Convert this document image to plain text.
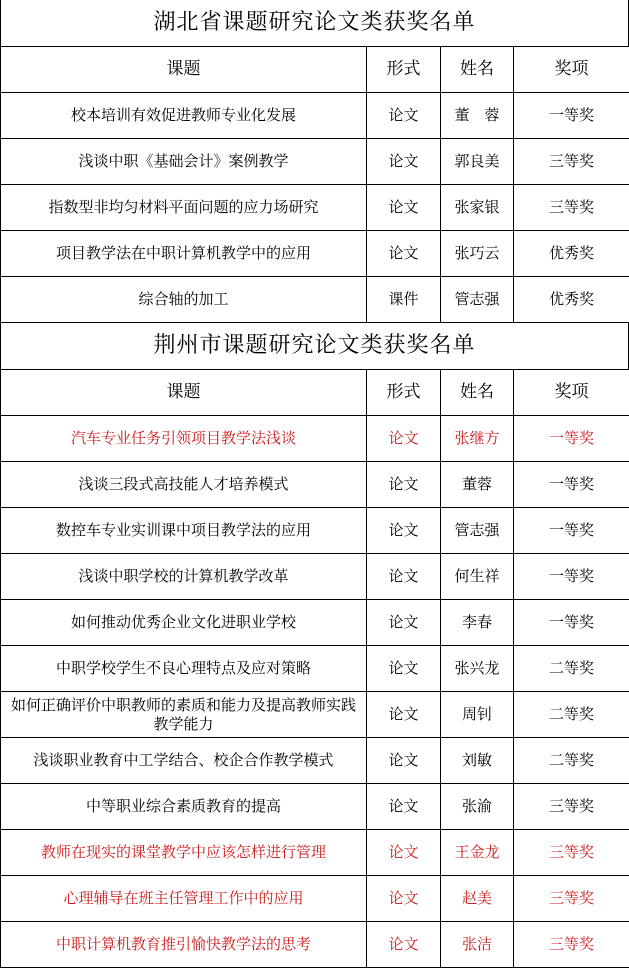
湖北省课题研究论文类获奖名单
课题	形式	姓名	奖项
校本培训有效促进教师专业化发展	论文	董　蓉	一等奖
浅谈中职《基础会计》案例教学	论文	郭良美	三等奖
指数型非均匀材料平面问题的应力场研究	论文	张家银	三等奖
项目教学法在中职计算机教学中的应用	论文	张巧云	优秀奖
综合轴的加工	课件	管志强	优秀奖
荆州市课题研究论文类获奖名单
课题	形式	姓名	奖项
汽车专业任务引领项目教学法浅谈	论文	张继方	一等奖
浅谈三段式高技能人才培养模式	论文	董蓉	一等奖
数控车专业实训课中项目教学法的应用	论文	管志强	一等奖
浅谈中职学校的计算机教学改革	论文	何生祥	一等奖
如何推动优秀企业文化进职业学校	论文	李春	一等奖
中职学校学生不良心理特点及应对策略	论文	张兴龙	二等奖
如何正确评价中职教师的素质和能力及提高教师实践教学能力	论文	周钊	二等奖
浅谈职业教育中工学结合、校企合作教学模式	论文	刘敏	二等奖
中等职业综合素质教育的提高	论文	张渝	三等奖
教师在现实的课堂教学中应该怎样进行管理	论文	王金龙	三等奖
心理辅导在班主任管理工作中的应用	论文	赵美	三等奖
中职计算机教育推引愉快教学法的思考	论文	张洁	三等奖
